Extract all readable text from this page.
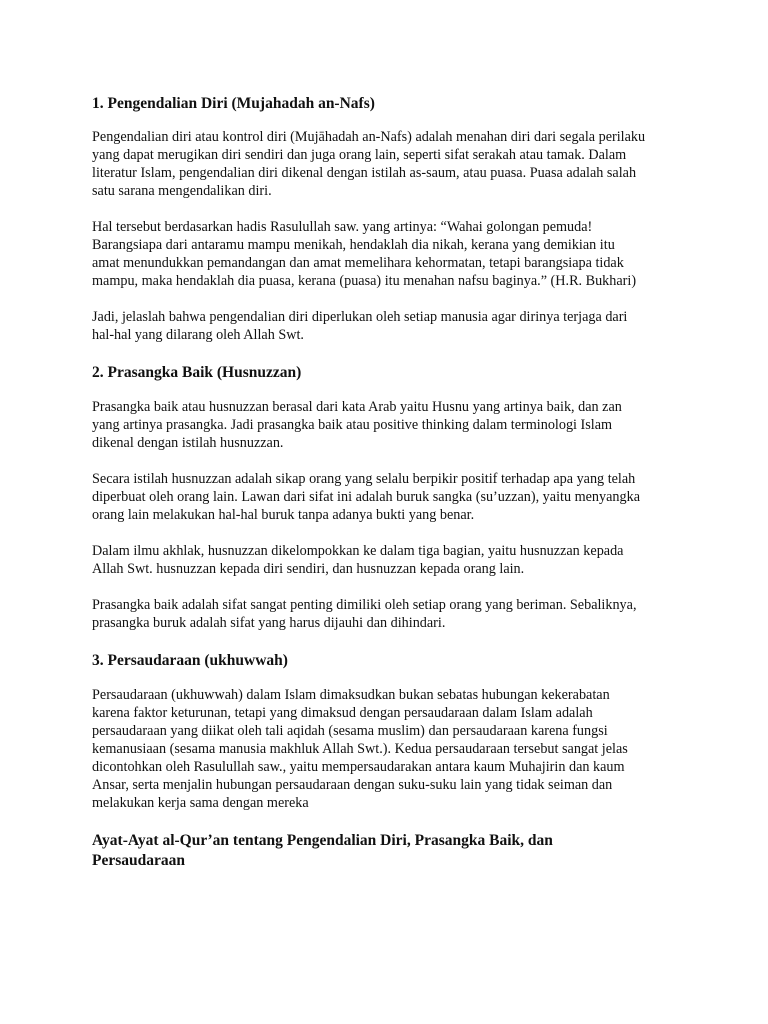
1. Pengendalian Diri (Mujahadah an-Nafs)

Pengendalian diri atau kontrol diri (Mujāhadah an-Nafs) adalah menahan diri dari segala perilaku
yang dapat merugikan diri sendiri dan juga orang lain, seperti sifat serakah atau tamak. Dalam
literatur Islam, pengendalian diri dikenal dengan istilah as-saum, atau puasa. Puasa adalah salah
satu sarana mengendalikan diri.

Hal tersebut berdasarkan hadis Rasulullah saw. yang artinya: “Wahai golongan pemuda!
Barangsiapa dari antaramu mampu menikah, hendaklah dia nikah, kerana yang demikian itu
amat menundukkan pemandangan dan amat memelihara kehormatan, tetapi barangsiapa tidak
mampu, maka hendaklah dia puasa, kerana (puasa) itu menahan nafsu baginya.” (H.R. Bukhari)

Jadi, jelaslah bahwa pengendalian diri diperlukan oleh setiap manusia agar dirinya terjaga dari
hal-hal yang dilarang oleh Allah Swt.

2. Prasangka Baik (Husnuzzan)

Prasangka baik atau husnuzzan berasal dari kata Arab yaitu Husnu yang artinya baik, dan zan
yang artinya prasangka. Jadi prasangka baik atau positive thinking dalam terminologi Islam
dikenal dengan istilah husnuzzan.

Secara istilah husnuzzan adalah sikap orang yang selalu berpikir positif terhadap apa yang telah
diperbuat oleh orang lain. Lawan dari sifat ini adalah buruk sangka (su’uzzan), yaitu menyangka
orang lain melakukan hal-hal buruk tanpa adanya bukti yang benar.

Dalam ilmu akhlak, husnuzzan dikelompokkan ke dalam tiga bagian, yaitu husnuzzan kepada
Allah Swt. husnuzzan kepada diri sendiri, dan husnuzzan kepada orang lain.

Prasangka baik adalah sifat sangat penting dimiliki oleh setiap orang yang beriman. Sebaliknya,
prasangka buruk adalah sifat yang harus dijauhi dan dihindari.

3. Persaudaraan (ukhuwwah)

Persaudaraan (ukhuwwah) dalam Islam dimaksudkan bukan sebatas hubungan kekerabatan
karena faktor keturunan, tetapi yang dimaksud dengan persaudaraan dalam Islam adalah
persaudaraan yang diikat oleh tali aqidah (sesama muslim) dan persaudaraan karena fungsi
kemanusiaan (sesama manusia makhluk Allah Swt.). Kedua persaudaraan tersebut sangat jelas
dicontohkan oleh Rasulullah saw., yaitu mempersaudarakan antara kaum Muhajirin dan kaum
Ansar, serta menjalin hubungan persaudaraan dengan suku-suku lain yang tidak seiman dan
melakukan kerja sama dengan mereka

Ayat-Ayat al-Qur’an tentang Pengendalian Diri, Prasangka Baik, dan
Persaudaraan
